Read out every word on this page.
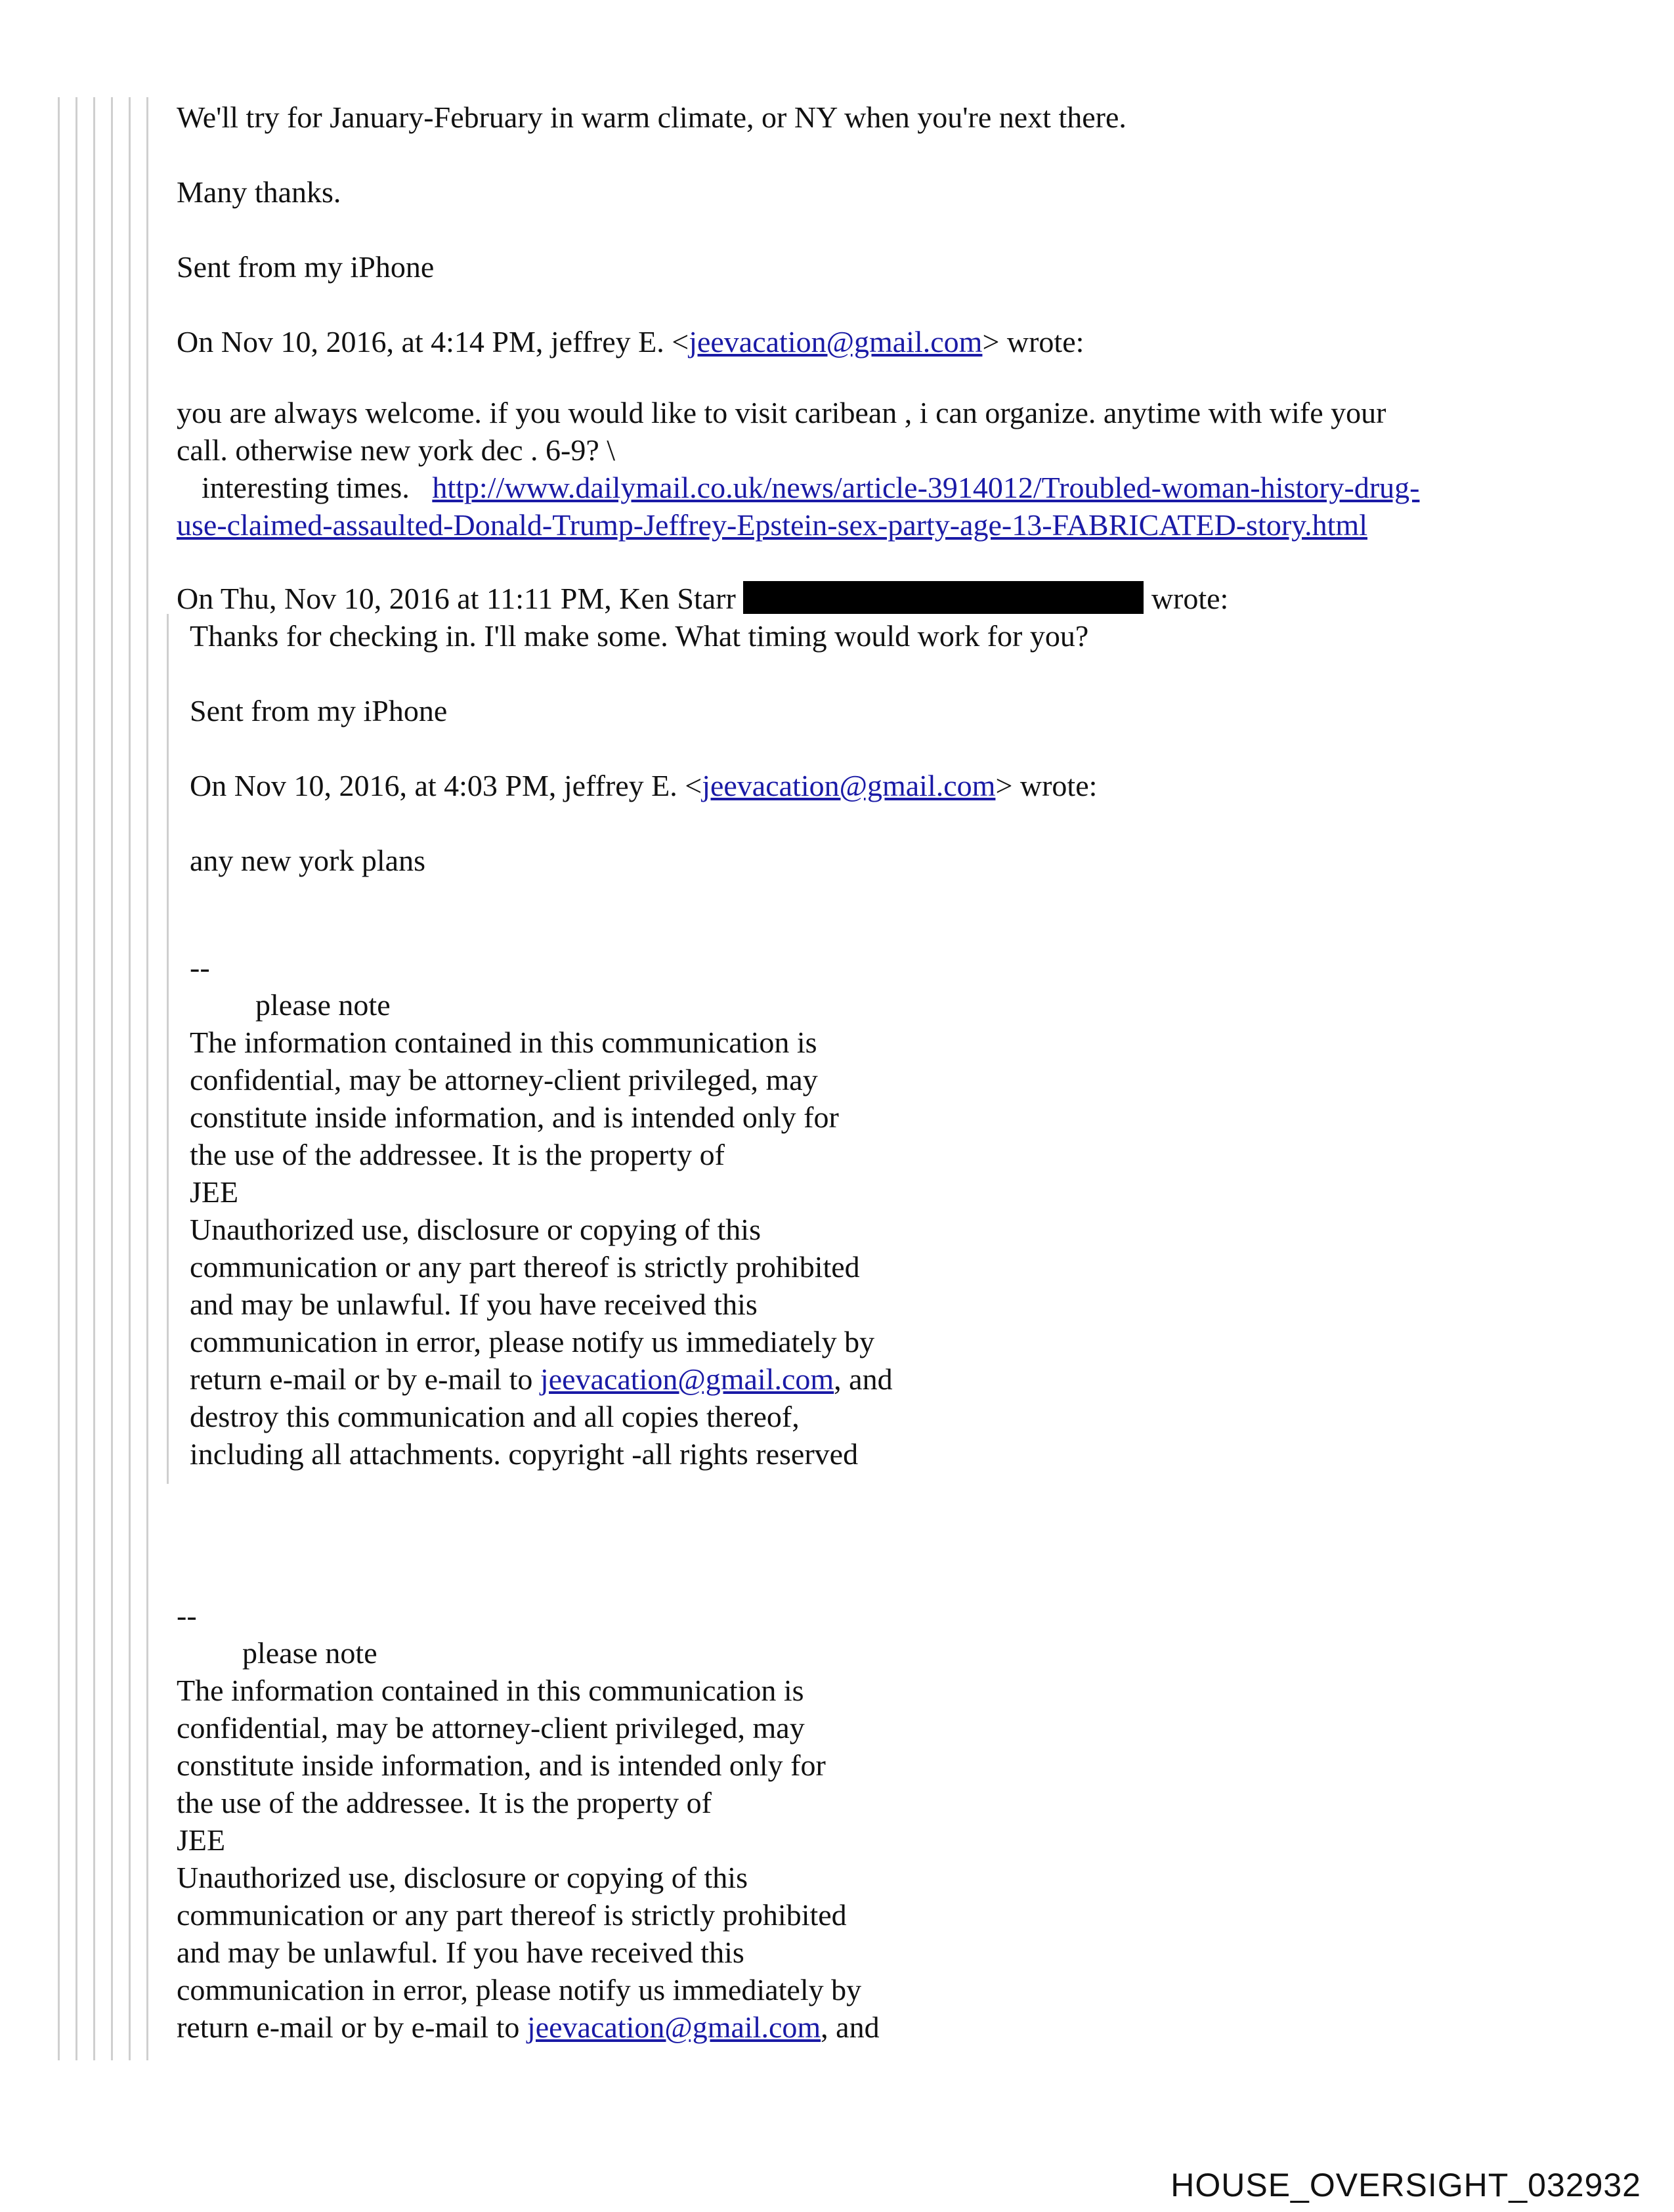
We'll try for January-February in warm climate, or NY when you're next there.
Many thanks.
Sent from my iPhone
On Nov 10, 2016, at 4:14 PM, jeffrey E. <jeevacation@gmail.com> wrote:
you are always welcome. if you would like to visit caribean , i can organize. anytime with wife your
call. otherwise new york dec . 6-9? \
interesting times. http://www.dailymail.co.uk/news/article-3914012/Troubled-woman-history-drug-
use-claimed-assaulted-Donald-Trump-Jeffrey-Epstein-sex-party-age-13-FABRICATED-story.html
On Thu, Nov 10, 2016 at 11:11 PM, Ken Starr	wrote:
Thanks for checking in. I'll make some. What timing would work for you?
Sent from my iPhone
On Nov 10, 2016, at 4:03 PM, jeffrey E. <jeevacation@gmail.com> wrote:
any new york plans
--
please note
The information contained in this communication is
confidential, may be attorney-client privileged, may
constitute inside information, and is intended only for
the use of the addressee. It is the property of
JEE
Unauthorized use, disclosure or copying of this
communication or any part thereof is strictly prohibited
and may be unlawful. If you have received this
communication in error, please notify us immediately by
return e-mail or by e-mail to jeevacation@gmail.com, and
destroy this communication and all copies thereof,
including all attachments. copyright -all rights reserved
--
please note
The information contained in this communication is
confidential, may be attorney-client privileged, may
constitute inside information, and is intended only for
the use of the addressee. It is the property of
JEE
Unauthorized use, disclosure or copying of this
communication or any part thereof is strictly prohibited
and may be unlawful. If you have received this
communication in error, please notify us immediately by
return e-mail or by e-mail to jeevacation@gmail.com, and
HOUSE_OVERSIGHT_032932
